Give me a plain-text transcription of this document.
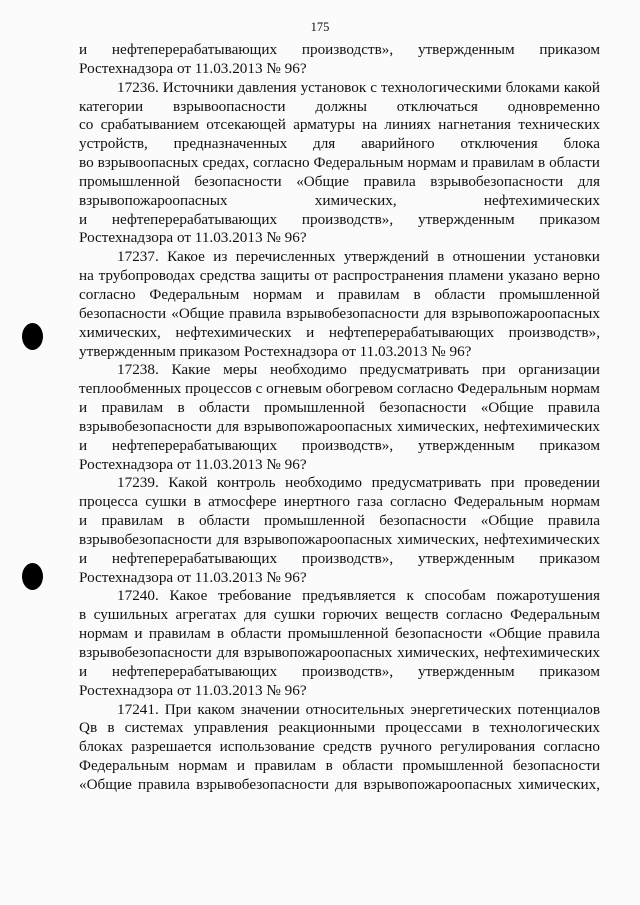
175
и нефтеперерабатывающих производств», утвержденным приказом
Ростехнадзора от 11.03.2013 № 96?
17236. Источники давления установок с технологическими блоками какой
категории взрывоопасности должны отключаться одновременно
со срабатыванием отсекающей арматуры на линиях нагнетания технических
устройств, предназначенных для аварийного отключения блока
во взрывоопасных средах, согласно Федеральным нормам и правилам в области
промышленной безопасности «Общие правила взрывобезопасности для
взрывопожароопасных	химических,	нефтехимических
и нефтеперерабатывающих производств», утвержденным приказом
Ростехнадзора от 11.03.2013 № 96?
17237. Какое из перечисленных утверждений в отношении установки
на трубопроводах средства защиты от распространения пламени указано верно
согласно Федеральным нормам и правилам в области промышленной
безопасности «Общие правила взрывобезопасности для взрывопожароопасных
химических, нефтехимических и нефтеперерабатывающих производств»,
утвержденным приказом Ростехнадзора от 11.03.2013 № 96?
17238. Какие меры необходимо предусматривать при организации
теплообменных процессов с огневым обогревом согласно Федеральным нормам
и правилам в области промышленной безопасности «Общие правила
взрывобезопасности для взрывопожароопасных химических, нефтехимических
и нефтеперерабатывающих производств», утвержденным приказом
Ростехнадзора от 11.03.2013 № 96?
17239. Какой контроль необходимо предусматривать при проведении
процесса сушки в атмосфере инертного газа согласно Федеральным нормам
и правилам в области промышленной безопасности «Общие правила
взрывобезопасности для взрывопожароопасных химических, нефтехимических
и нефтеперерабатывающих производств», утвержденным приказом
Ростехнадзора от 11.03.2013 № 96?
17240. Какое требование предъявляется к способам пожаротушения
в сушильных агрегатах для сушки горючих веществ согласно Федеральным
нормам и правилам в области промышленной безопасности «Общие правила
взрывобезопасности для взрывопожароопасных химических, нефтехимических
и нефтеперерабатывающих производств», утвержденным приказом
Ростехнадзора от 11.03.2013 № 96?
17241. При каком значении относительных энергетических потенциалов
Qв в системах управления реакционными процессами в технологических
блоках разрешается использование средств ручного регулирования согласно
Федеральным нормам и правилам в области промышленной безопасности
«Общие правила взрывобезопасности для взрывопожароопасных химических,
